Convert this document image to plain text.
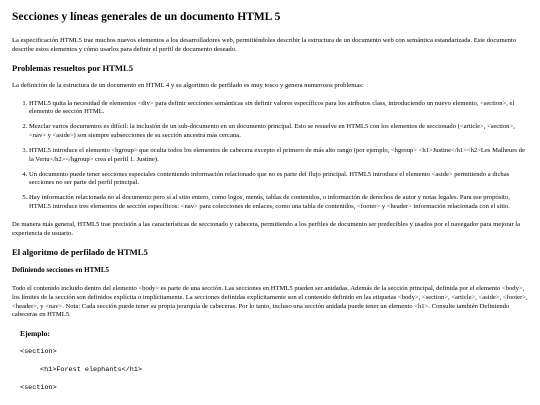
Secciones y líneas generales de un documento HTML 5

La especificación HTML5 trae muchos nuevos elementos a los desarrolladores web, permitiéndoles describir la estructura de un documento web con semántica estandarizada. Este documento describe estos elementos y cómo usarlos para definir el perfil de documento deseado.

Problemas resueltos por HTML5

La definición de la estructura de un documento en HTML 4 y su algoritmo de perfilado es muy tosco y genera numerosos problemas:

1. HTML5 quita la necesidad de elementos <div> para definir secciones semánticas sin definir valores específicos para los atributos class, introduciendo un nuevo elemento, <section>, el elemento de sección HTML.
2. Mezclar varios documentos es difícil: la inclusión de un sub-documento en un documento principal. Esto se resuelve en HTML5 con los elementos de seccionado (<article>, <section>, <nav> y <aside>) son siempre subsecciones de su sección ancestra más cercana.
3. HTML5 introduce el elemento <hgroup> que oculta todos los elementos de cabecera excepto el primero de más alto rango (por ejemplo, <hgroup> <h1>Justine</h1><h2>Les Malheurs de la Vertu</h2></hgroup> crea el perfil 1. Justine).
4. Un documento puede tener secciones especiales conteniendo información relacionado que no es parte del flujo principal. HTML5 introduce el elemento <aside> permitiendo a dichas secciones no ser parte del perfil principal.
5. Hay información relacionada no al documento pero sí al sitio entero, como logos, menús, tablas de contenidos, o información de derechos de autor y notas legales. Para ese propósito, HTML5 introduce tres elementos de sección específicos: <nav> para colecciones de enlaces, como una tabla de contenidos, <footer> y <header> información relacionada con el sitio.

De manera más general, HTML5 trae precisión a las características de seccionado y cabecera, permitiendo a los perfiles de documento ser predecibles y usados por el navegador para mejorar la experiencia de usuario.

El algoritmo de perfilado de HTML5
Definiendo secciones en HTML5

Todo el contenido incluido dentro del elemento <body> es parte de una sección. Las secciones en HTML5 pueden ser anidadas. Además de la sección principal, definida por el elemento <body>, los límites de la sección son definidos explícita o implícitamente. La secciones definidas explícitamente son el contenido definido en las etiquetas <body>, <section>, <article>, <aside>, <footer>, <header>, y <nav>. Nota: Cada sección puede tener su propia jerarquía de cabeceras. Por lo tanto, incluso una sección anidada puede tener un elemento <h1>. Consulte también Definiendo cabeceras en HTML5.

Ejemplo:
<section>
<h1>Forest elephants</h1>
<section>
